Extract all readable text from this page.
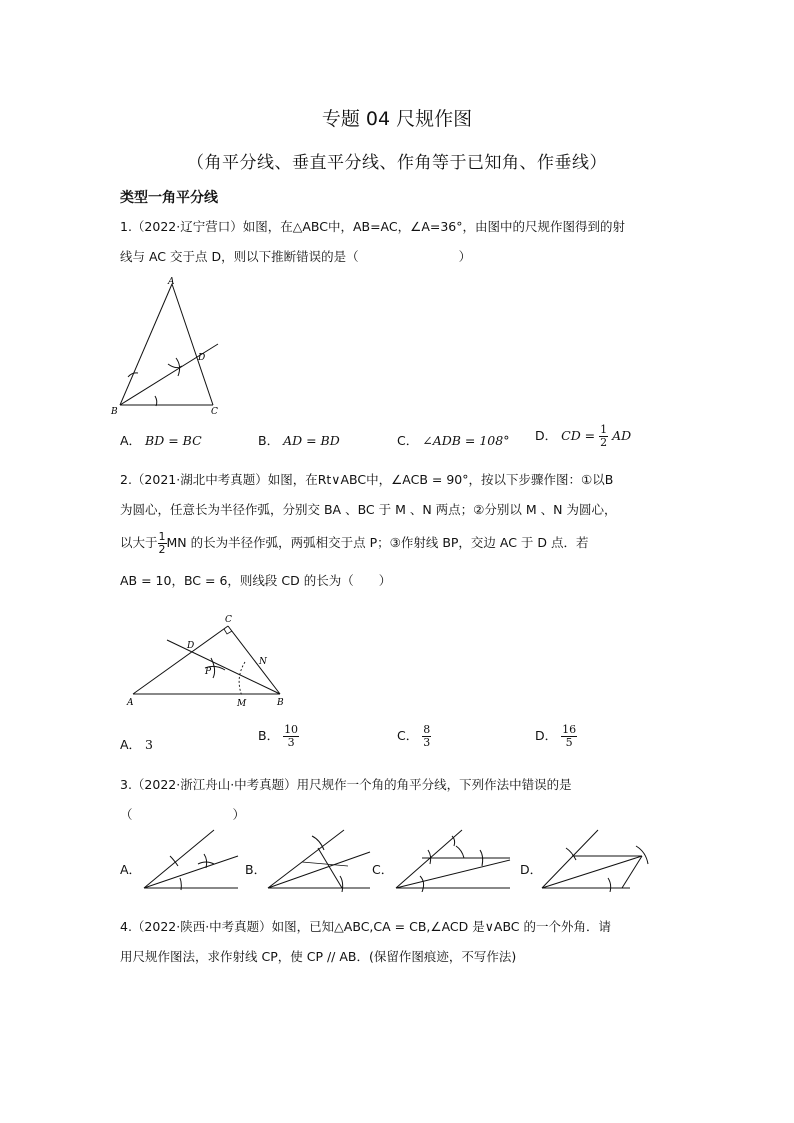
专题 04 尺规作图
（角平分线、垂直平分线、作角等于已知角、作垂线）
类型一角平分线
1.（2022·辽宁营口）如图，在△ABC中，AB=AC，∠A=36°，由图中的尺规作图得到的射
线与 AC 交于点 D，则以下推断错误的是（	）
A
B	C
D
A． BD = BC	B． AD = BD	C． ∠ADB = 108° D． CD = $\frac{1}{2}$ AD
2.（2021·湖北中考真题）如图，在Rt∨ABC中，∠ACB = 90°，按以下步骤作图：①以B
为圆心，任意长为半径作弧，分别交 BA 、BC 于 M 、N 两点；②分别以 M 、N 为圆心，
以大于 $\frac{1}{2}$ MN 的长为半径作弧，两弧相交于点 P；③作射线 BP，交边 AC 于 D 点．若
AB = 10，BC = 6，则线段 CD 的长为（　　）
A	B
C
D
M
N
P
A． 3
B． $\frac{10}{3}$	C． $\frac{8}{3}$	D． $\frac{16}{5}$
3.（2022·浙江舟山·中考真题）用尺规作一个角的角平分线，下列作法中错误的是
（	）
A．	B．	C．	D．
4.（2022·陕西·中考真题）如图，已知△ABC,CA = CB,∠ACD 是∨ABC 的一个外角．请
用尺规作图法，求作射线 CP，使 CP // AB．(保留作图痕迹，不写作法)
